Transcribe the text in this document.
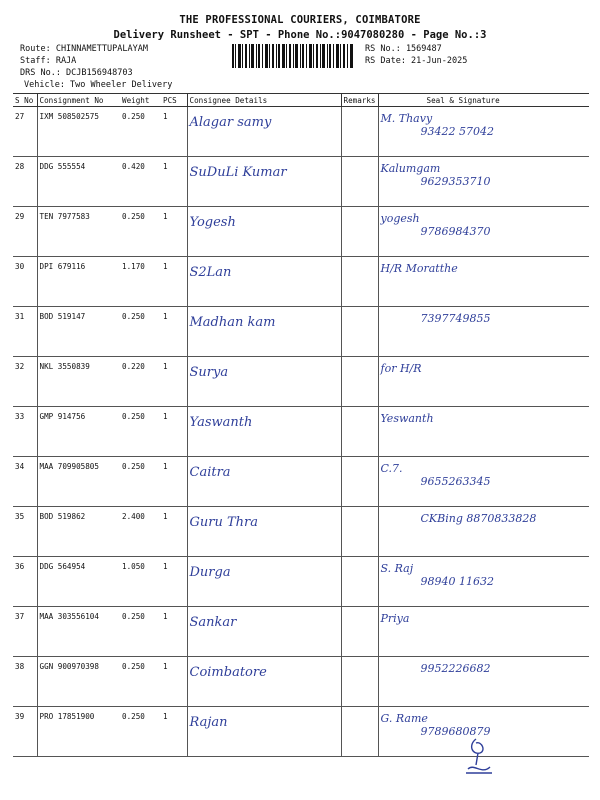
THE PROFESSIONAL COURIERS, COIMBATORE
Delivery Runsheet - SPT - Phone No.:9047080280 - Page No.:3
Route: CHINNAMETTUPALAYAM
Staff: RAJA
DRS No.: DCJB156948703
Vehicle: Two Wheeler Delivery
RS No.: 1569487
RS Date: 21-Jun-2025
S No	Consignment No	Weight	PCS	Consignee Details	Remarks	Seal & Signature
27	IXM 508502575	0.250	1	Alagar samy		M. Thavy
93422 57042

28	DDG 555554	0.420	1	SuDuLi Kumar		Kalumgam
9629353710

29	TEN 7977583	0.250	1	Yogesh		yogesh
9786984370

30	DPI 679116	1.170	1	S2Lan		H/R Moratthe

31	BOD 519147	0.250	1	Madhan kam		7397749855

32	NKL 3550839	0.220	1	Surya		for H/R

33	GMP 914756	0.250	1	Yaswanth		Yeswanth

34	MAA 709905805	0.250	1	Caitra		C.7.
9655263345

35	BOD 519862	2.400	1	Guru Thra		CKBing 8870833828

36	DDG 564954	1.050	1	Durga		S. Raj
98940 11632

37	MAA 303556104	0.250	1	Sankar		Priya

38	GGN 900970398	0.250	1	Coimbatore		9952226682

39	PRO 17851900	0.250	1	Rajan		G. Rame
9789680879
